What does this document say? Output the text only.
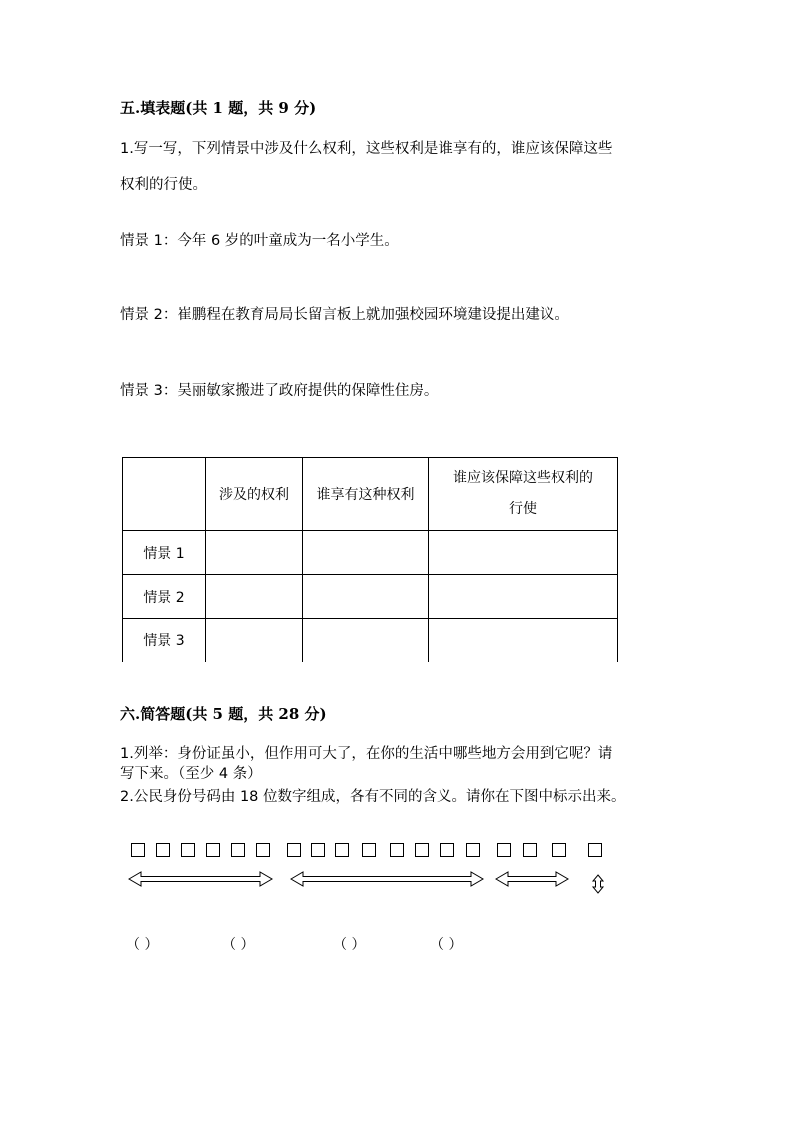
五.填表题(共 1 题，共 9 分)
1.写一写，下列情景中涉及什么权利，这些权利是谁享有的，谁应该保障这些
权利的行使。
情景 1：今年 6 岁的叶童成为一名小学生。
情景 2：崔鹏程在教育局局长留言板上就加强校园环境建设提出建议。
情景 3：吴丽敏家搬进了政府提供的保障性住房。
	涉及的权利	谁享有这种权利	谁应该保障这些权利的
行使

情景 1			
情景 2			
情景 3			
六.简答题(共 5 题，共 28 分)
1.列举：身份证虽小，但作用可大了，在你的生活中哪些地方会用到它呢？请
写下来。（至少 4 条）
2.公民身份号码由 18 位数字组成，各有不同的含义。请你在下图中标示出来。
（ ）	（ ）	（ ）	（ ）
